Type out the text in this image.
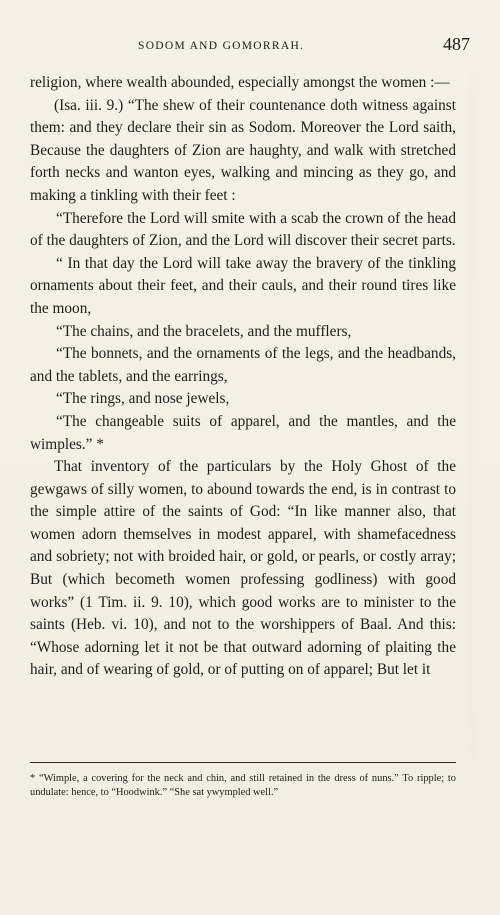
SODOM AND GOMORRAH.	487

religion, where wealth abounded, especially amongst the women :—

(Isa. iii. 9.) “The shew of their countenance doth witness against them: and they declare their sin as Sodom. Moreover the Lord saith, Because the daughters of Zion are haughty, and walk with stretched forth necks and wanton eyes, walking and mincing as they go, and making a tinkling with their feet :

“Therefore the Lord will smite with a scab the crown of the head of the daughters of Zion, and the Lord will discover their secret parts.

“ In that day the Lord will take away the bravery of the tinkling ornaments about their feet, and their cauls, and their round tires like the moon,

“The chains, and the bracelets, and the mufflers,

“The bonnets, and the ornaments of the legs, and the headbands, and the tablets, and the earrings,

“The rings, and nose jewels,

“The changeable suits of apparel, and the mantles, and the wimples.” *

That inventory of the particulars by the Holy Ghost of the gewgaws of silly women, to abound towards the end, is in contrast to the simple attire of the saints of God: “In like manner also, that women adorn themselves in modest apparel, with shamefacedness and sobriety; not with broided hair, or gold, or pearls, or costly array; But (which becometh women professing godliness) with good works” (1 Tim. ii. 9. 10), which good works are to minister to the saints (Heb. vi. 10), and not to the worshippers of Baal. And this: “Whose adorning let it not be that outward adorning of plaiting the hair, and of wearing of gold, or of putting on of apparel; But let it

* “Wimple, a covering for the neck and chin, and still retained in the dress of nuns.” To ripple; to undulate: hence, to “Hoodwink.” “She sat ywympled well.”
